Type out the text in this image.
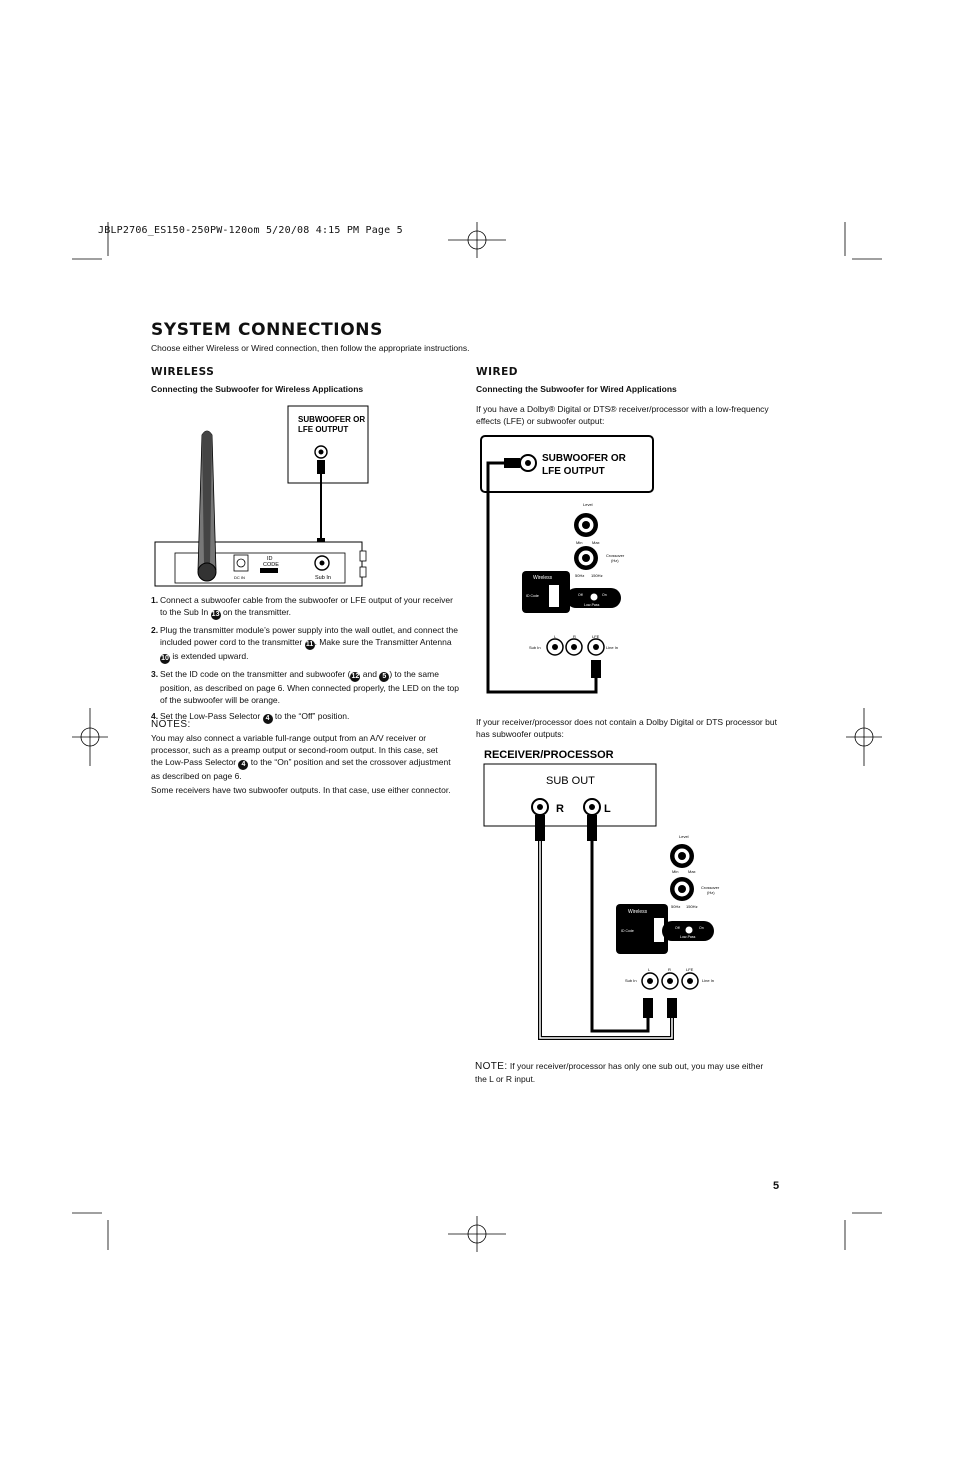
JBLP2706_ES150-250PW-120om 5/20/08 4:15 PM Page 5
SYSTEM CONNECTIONS
Choose either Wireless or Wired connection, then follow the appropriate instructions.
WIRELESS
Connecting the Subwoofer for Wireless Applications
SUBWOOFER OR
LFE OUTPUT
DC IN
ID
CODE
Sub In
1. Connect a subwoofer cable from the subwoofer or LFE output of your receiver to the Sub In 13 on the transmitter.
2. Plug the transmitter module’s power supply into the wall outlet, and connect the included power cord to the transmitter 11. Make sure the Transmitter Antenna 10 is extended upward.
3. Set the ID code on the transmitter and subwoofer (12 and 5 ) to the same position, as described on page 6. When connected properly, the LED on the top of the subwoofer will be orange.
4. Set the Low-Pass Selector 4 to the “Off” position.
NOTES:
You may also connect a variable full-range output from an A/V receiver or processor, such as a preamp output or second-room output. In this case, set the Low-Pass Selector 4 to the “On” position and set the crossover adjustment as described on page 6.
Some receivers have two subwoofer outputs. In that case, use either connector.
WIRED
Connecting the Subwoofer for Wired Applications
If you have a Dolby® Digital or DTS® receiver/processor with a low-frequency effects (LFE) or subwoofer output:
SUBWOOFER OR
LFE OUTPUT
Level
Min Max
Crossover
(Hz)
50Hz 150Hz
Wireless
ID Code	Off	On
Low-Pass
L	R	LFE
Sub In	Line In
If your receiver/processor does not contain a Dolby Digital or DTS processor but has subwoofer outputs:
RECEIVER/PROCESSOR
SUB OUT
R	L
Level
Min Max
Crossover
(Hz)
50Hz 150Hz
Wireless
ID Code
Off	On
Low-Pass
L	R	LFE
Sub In	Line In
NOTE: If your receiver/processor has only one sub out, you may use either the L or R input.
5
